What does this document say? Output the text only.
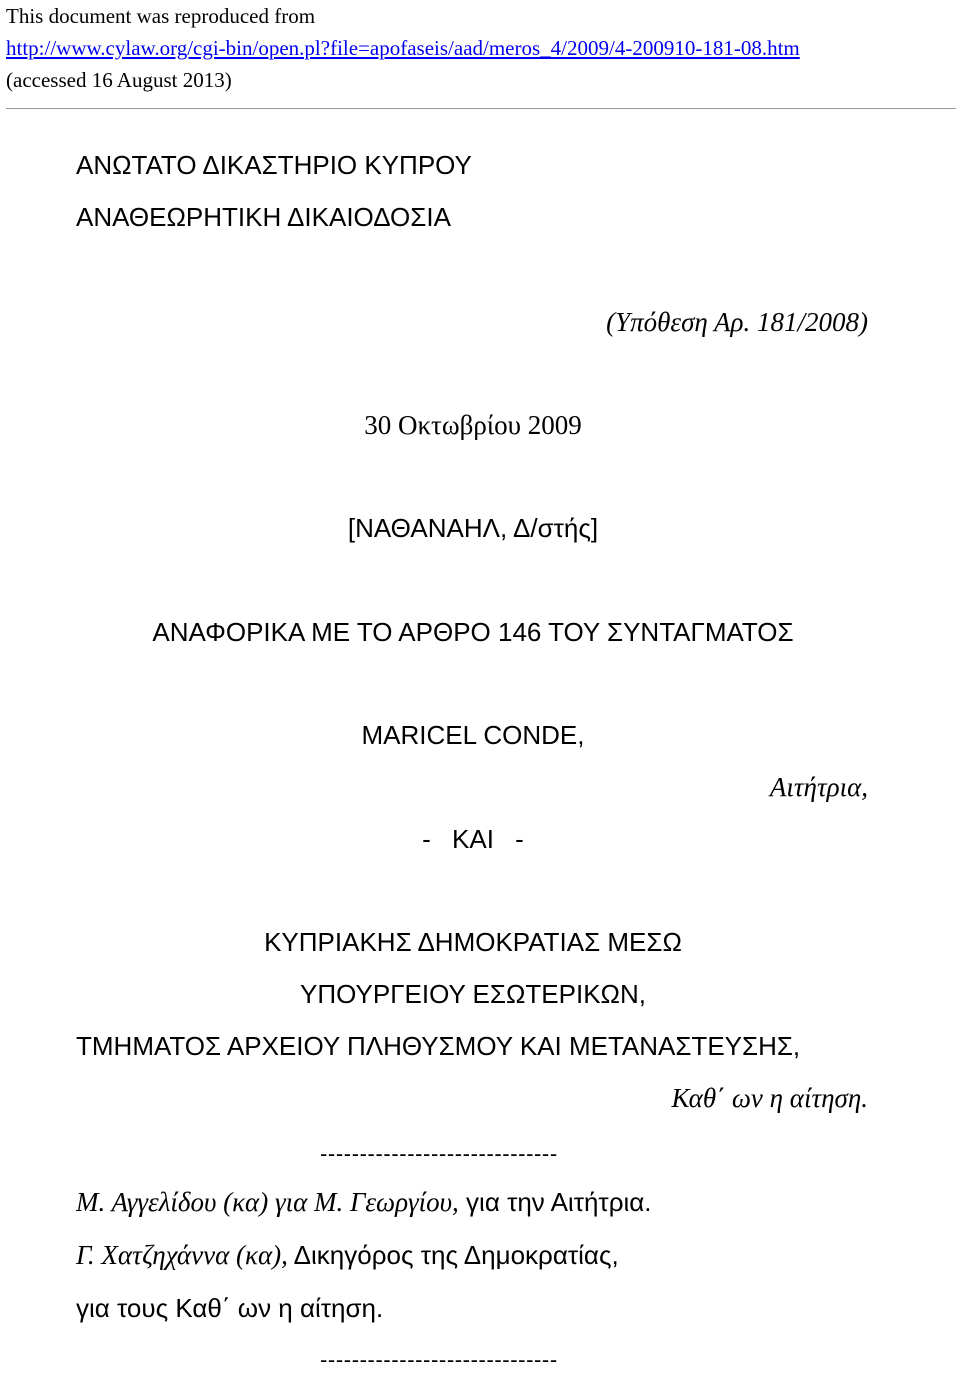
This document was reproduced from
http://www.cylaw.org/cgi-bin/open.pl?file=apofaseis/aad/meros_4/2009/4-200910-181-08.htm
(accessed 16 August 2013)
ΑΝΩΤΑΤΟ ΔΙΚΑΣΤΗΡΙΟ ΚΥΠΡΟΥ
ΑΝΑΘΕΩΡΗΤΙΚΗ ΔΙΚΑΙΟΔΟΣΙΑ
(Υπόθεση Αρ. 181/2008)
30 Οκτωβρίου 2009
[ΝΑΘΑΝΑΗΛ, Δ/στής]
ΑΝΑΦΟΡΙΚΑ ΜΕ ΤΟ ΑΡΘΡΟ 146 ΤΟΥ ΣΥΝΤΑΓΜΑΤΟΣ
MARICEL CONDE,
Αιτήτρια,
- ΚΑΙ -
ΚΥΠΡΙΑΚΗΣ ΔΗΜΟΚΡΑΤΙΑΣ ΜΕΣΩ
ΥΠΟΥΡΓΕΙΟΥ ΕΣΩΤΕΡΙΚΩΝ,
ΤΜΗΜΑΤΟΣ ΑΡΧΕΙΟΥ ΠΛΗΘΥΣΜΟΥ ΚΑΙ ΜΕΤΑΝΑΣΤΕΥΣΗΣ,
Καθ΄ ων η αίτηση.
------------------------------
Μ. Αγγελίδου (κα) για Μ. Γεωργίου, για την Αιτήτρια.
Γ. Χατζηχάννα (κα), Δικηγόρος της Δημοκρατίας,
για τους Καθ΄ ων η αίτηση.
------------------------------
